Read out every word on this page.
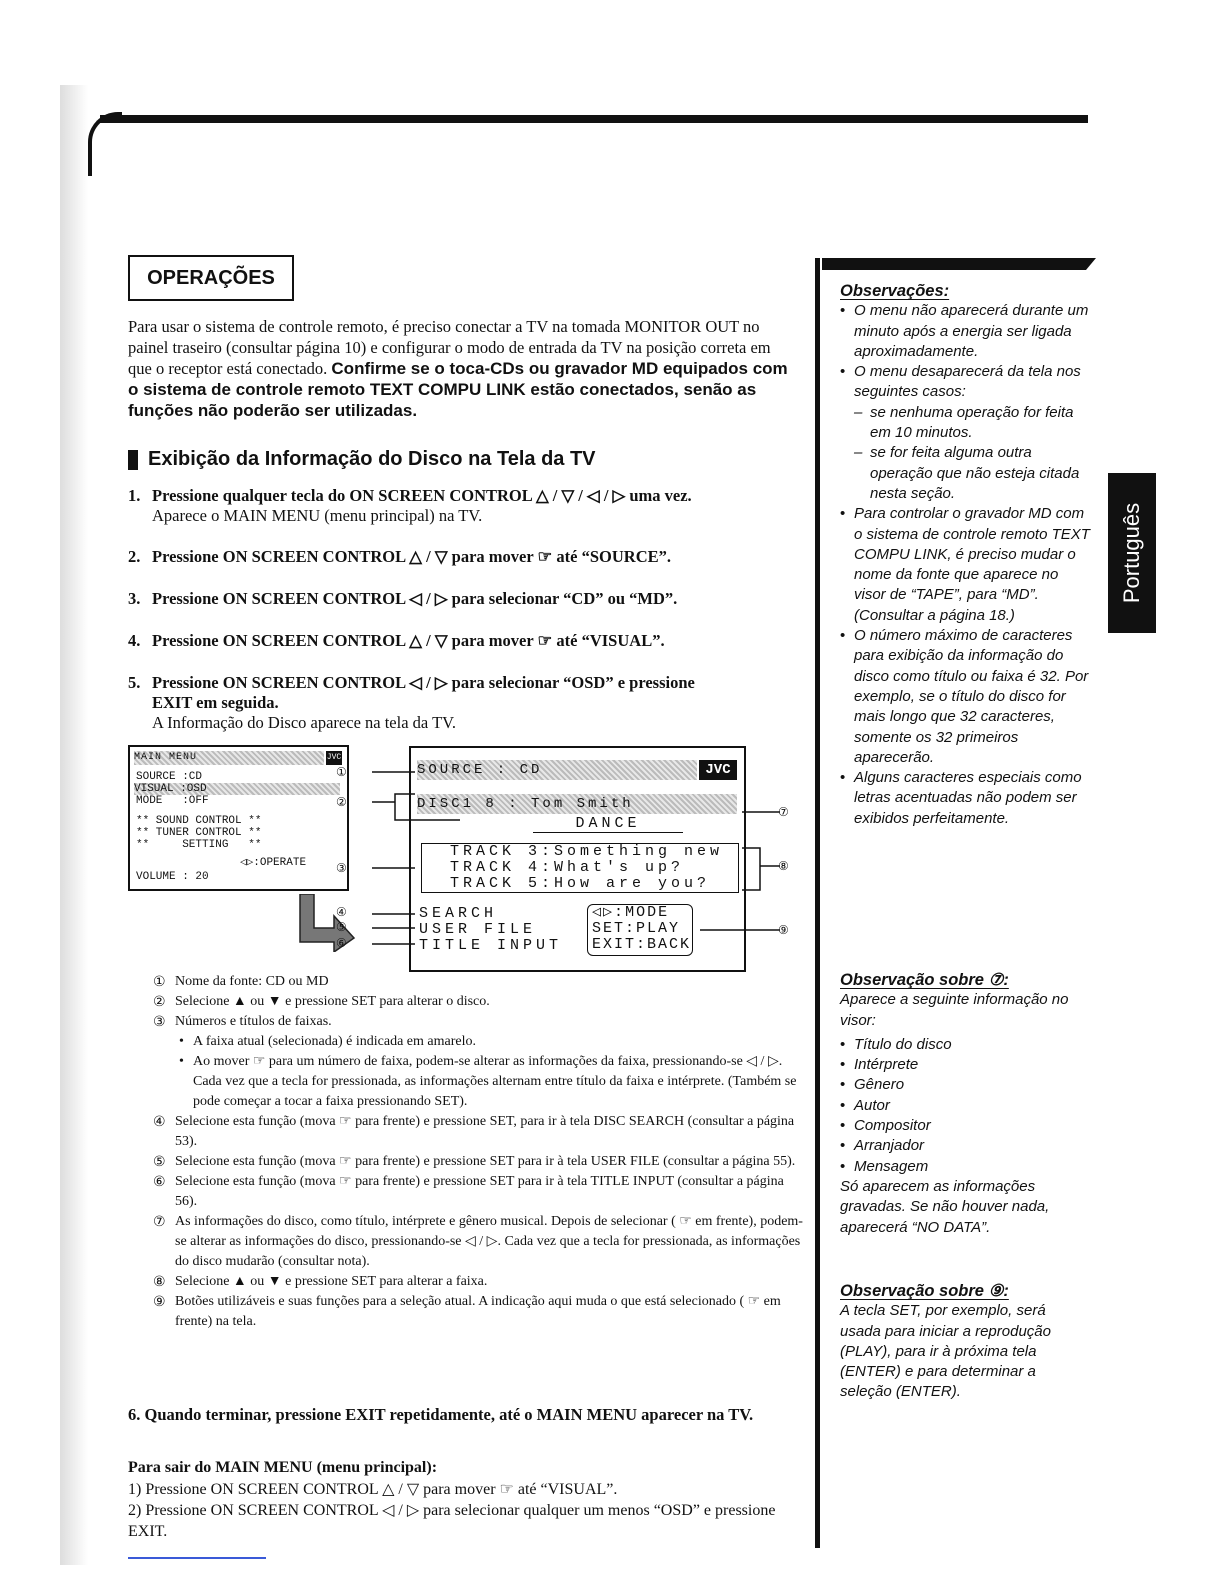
OPERAÇÕES
Para usar o sistema de controle remoto, é preciso conectar a TV na tomada MONITOR OUT no painel traseiro (consultar página 10) e configurar o modo de entrada da TV na posição correta em que o receptor está conectado. Confirme se o toca-CDs ou gravador MD equipados com o sistema de controle remoto TEXT COMPU LINK estão conectados, senão as funções não poderão ser utilizadas.
Exibição da Informação do Disco na Tela da TV
1. Pressione qualquer tecla do ON SCREEN CONTROL △ / ▽ / ◁ / ▷ uma vez.
Aparece o MAIN MENU (menu principal) na TV.
2. Pressione ON SCREEN CONTROL △ / ▽ para mover ☞ até “SOURCE”.
3. Pressione ON SCREEN CONTROL ◁ / ▷ para selecionar “CD” ou “MD”.
4. Pressione ON SCREEN CONTROL △ / ▽ para mover ☞ até “VISUAL”.
5. Pressione ON SCREEN CONTROL ◁ / ▷ para selecionar “OSD” e pressione EXIT em seguida.
A Informação do Disco aparece na tela da TV.
MAIN MENU	JVC
SOURCE :CD
VISUAL :OSD
MODE   :OFF
** SOUND CONTROL **
** TUNER CONTROL **
**     SETTING   **
◁▷:OPERATE
VOLUME : 20
①
②
③
④
⑤
⑥
⑦
⑧
⑨
SOURCE : CD	JVC
DISC1 8 : Tom Smith
DANCE
TRACK 3:Something new
TRACK 4:What's up?
TRACK 5:How are you?
SEARCH
USER FILE
TITLE INPUT
◁▷:MODE
SET:PLAY
EXIT:BACK
① Nome da fonte: CD ou MD
② Selecione ▲ ou ▼ e pressione SET para alterar o disco.
③ Números e títulos de faixas.
• A faixa atual (selecionada) é indicada em amarelo.
• Ao mover ☞ para um número de faixa, podem-se alterar as informações da faixa, pressionando-se ◁ / ▷. Cada vez que a tecla for pressionada, as informações alternam entre título da faixa e intérprete. (Também se pode começar a tocar a faixa pressionando SET).
④ Selecione esta função (mova ☞ para frente) e pressione SET, para ir à tela DISC SEARCH (consultar a página 53).
⑤ Selecione esta função (mova ☞ para frente) e pressione SET para ir à tela USER FILE (consultar a página 55).
⑥ Selecione esta função (mova ☞ para frente) e pressione SET para ir à tela TITLE INPUT (consultar a página 56).
⑦ As informações do disco, como título, intérprete e gênero musical. Depois de selecionar ( ☞ em frente), podem-se alterar as informações do disco, pressionando-se ◁ / ▷. Cada vez que a tecla for pressionada, as informações do disco mudarão (consultar nota).
⑧ Selecione ▲ ou ▼ e pressione SET para alterar a faixa.
⑨ Botões utilizáveis e suas funções para a seleção atual. A indicação aqui muda o que está selecionado ( ☞ em frente) na tela.
6. Quando terminar, pressione EXIT repetidamente, até o MAIN MENU aparecer na TV.
Para sair do MAIN MENU (menu principal):
1) Pressione ON SCREEN CONTROL △ / ▽ para mover ☞ até “VISUAL”.
2) Pressione ON SCREEN CONTROL ◁ / ▷ para selecionar qualquer um menos “OSD” e pressione EXIT.
Observações:
• O menu não aparecerá durante um minuto após a energia ser ligada aproximadamente.
• O menu desaparecerá da tela nos seguintes casos:
– se nenhuma operação for feita em 10 minutos.
– se for feita alguma outra operação que não esteja citada nesta seção.
• Para controlar o gravador MD com o sistema de controle remoto TEXT COMPU LINK, é preciso mudar o nome da fonte que aparece no visor de “TAPE”, para “MD”. (Consultar a página 18.)
• O número máximo de caracteres para exibição da informação do disco como título ou faixa é 32. Por exemplo, se o título do disco for mais longo que 32 caracteres, somente os 32 primeiros aparecerão.
• Alguns caracteres especiais como letras acentuadas não podem ser exibidos perfeitamente.
Observação sobre ⑦:
Aparece a seguinte informação no visor:
• Título do disco
• Intérprete
• Gênero
• Autor
• Compositor
• Arranjador
• Mensagem
Só aparecem as informações gravadas. Se não houver nada, aparecerá “NO DATA”.
Observação sobre ⑨:
A tecla SET, por exemplo, será usada para iniciar a reprodução (PLAY), para ir à próxima tela (ENTER) e para determinar a seleção (ENTER).
Português
